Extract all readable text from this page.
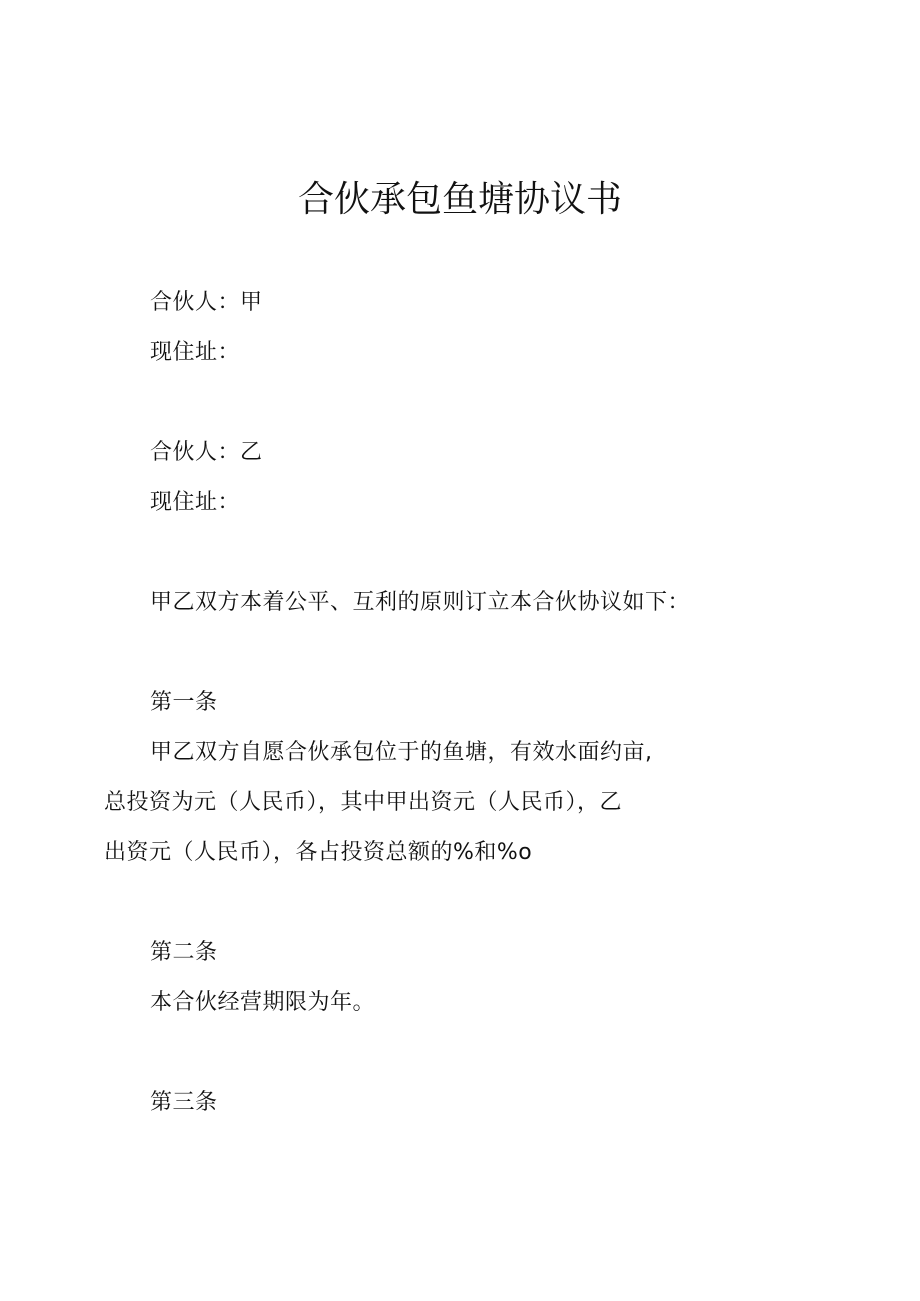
合伙承包鱼塘协议书
合伙人：甲
现住址：
合伙人：乙
现住址：
甲乙双方本着公平、互利的原则订立本合伙协议如下：
第一条
甲乙双方自愿合伙承包位于的鱼塘，有效水面约亩,
总投资为元（人民币），其中甲出资元（人民币），乙
出资元（人民币），各占投资总额的%和%o
第二条
本合伙经营期限为年。
第三条
